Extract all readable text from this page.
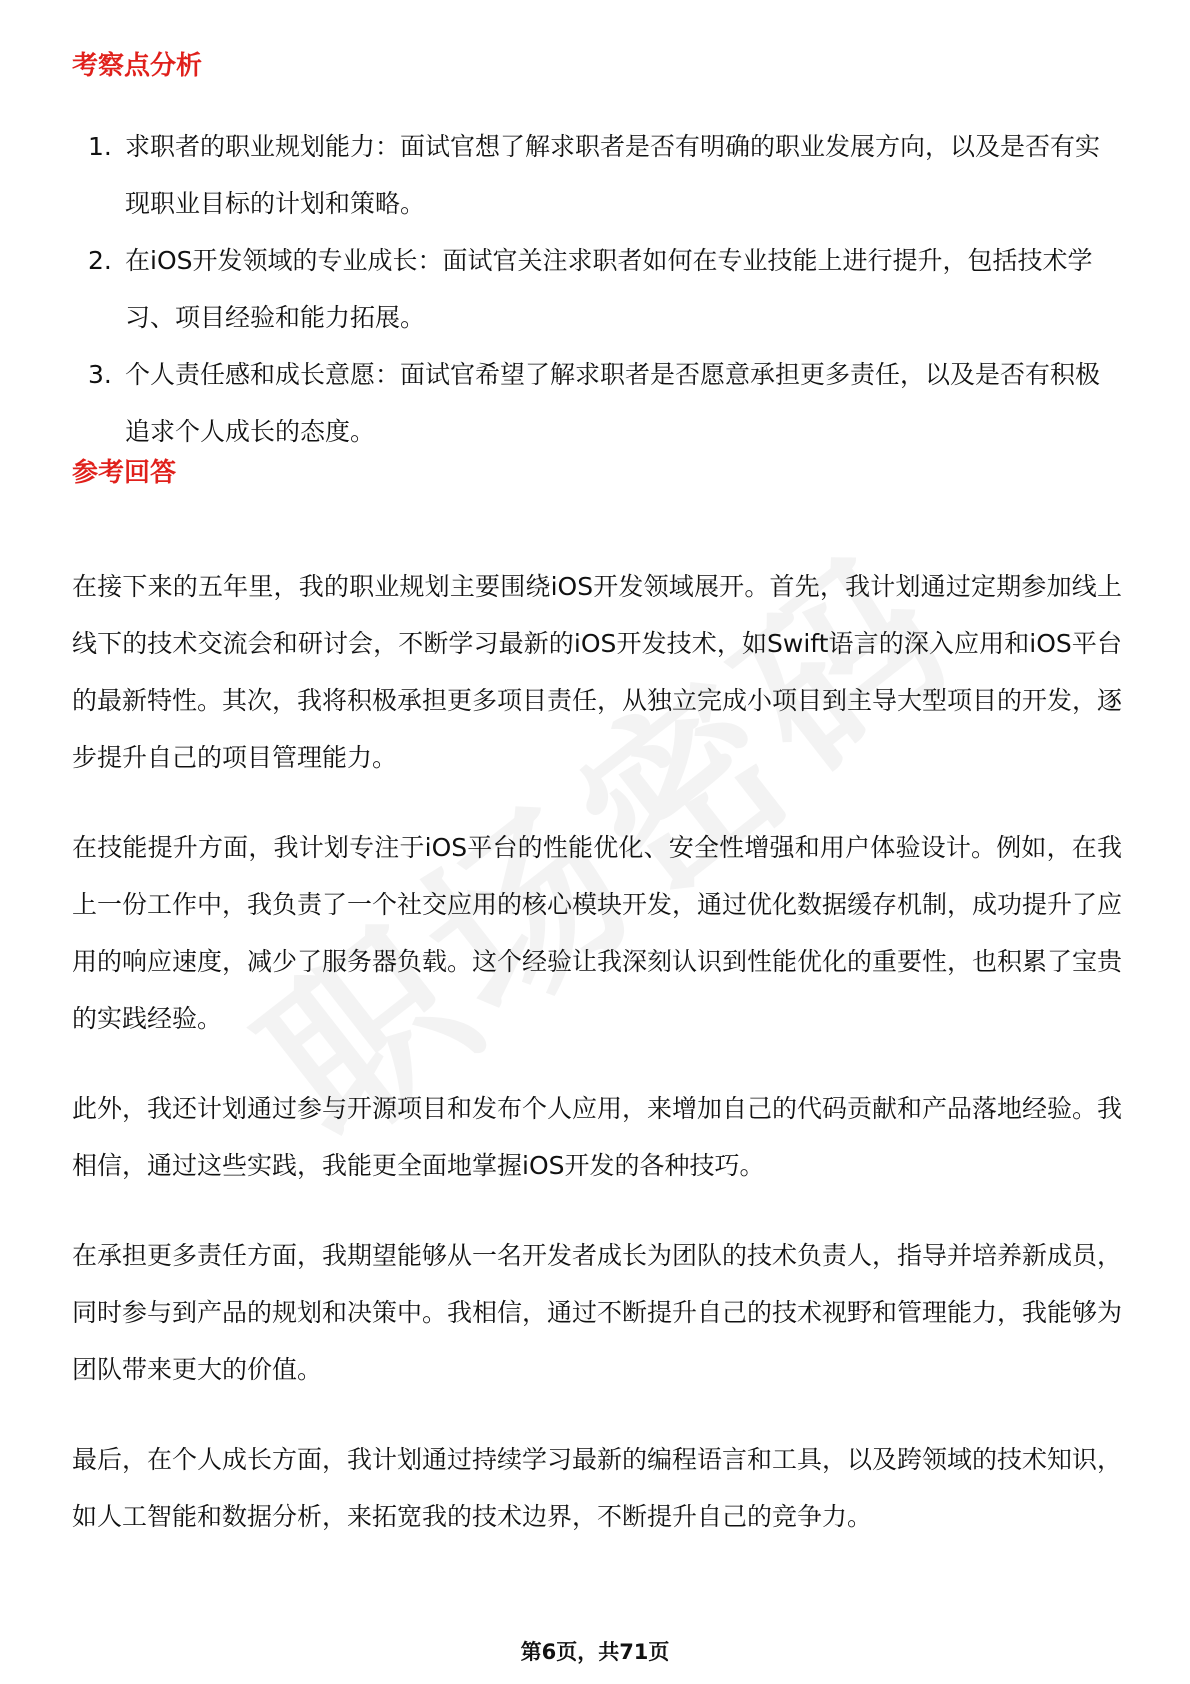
考察点分析
1. 求职者的职业规划能力：面试官想了解求职者是否有明确的职业发展方向，以及是否有实现职业目标的计划和策略。
2. 在iOS开发领域的专业成长：面试官关注求职者如何在专业技能上进行提升，包括技术学习、项目经验和能力拓展。
3. 个人责任感和成长意愿：面试官希望了解求职者是否愿意承担更多责任，以及是否有积极追求个人成长的态度。
参考回答

在接下来的五年里，我的职业规划主要围绕iOS开发领域展开。首先，我计划通过定期参加线上线下的技术交流会和研讨会，不断学习最新的iOS开发技术，如Swift语言的深入应用和iOS平台的最新特性。其次，我将积极承担更多项目责任，从独立完成小项目到主导大型项目的开发，逐步提升自己的项目管理能力。

在技能提升方面，我计划专注于iOS平台的性能优化、安全性增强和用户体验设计。例如，在我上一份工作中，我负责了一个社交应用的核心模块开发，通过优化数据缓存机制，成功提升了应用的响应速度，减少了服务器负载。这个经验让我深刻认识到性能优化的重要性，也积累了宝贵的实践经验。

此外，我还计划通过参与开源项目和发布个人应用，来增加自己的代码贡献和产品落地经验。我相信，通过这些实践，我能更全面地掌握iOS开发的各种技巧。

在承担更多责任方面，我期望能够从一名开发者成长为团队的技术负责人，指导并培养新成员，同时参与到产品的规划和决策中。我相信，通过不断提升自己的技术视野和管理能力，我能够为团队带来更大的价值。

最后，在个人成长方面，我计划通过持续学习最新的编程语言和工具，以及跨领域的技术知识，如人工智能和数据分析，来拓宽我的技术边界，不断提升自己的竞争力。

第6页，共71页
